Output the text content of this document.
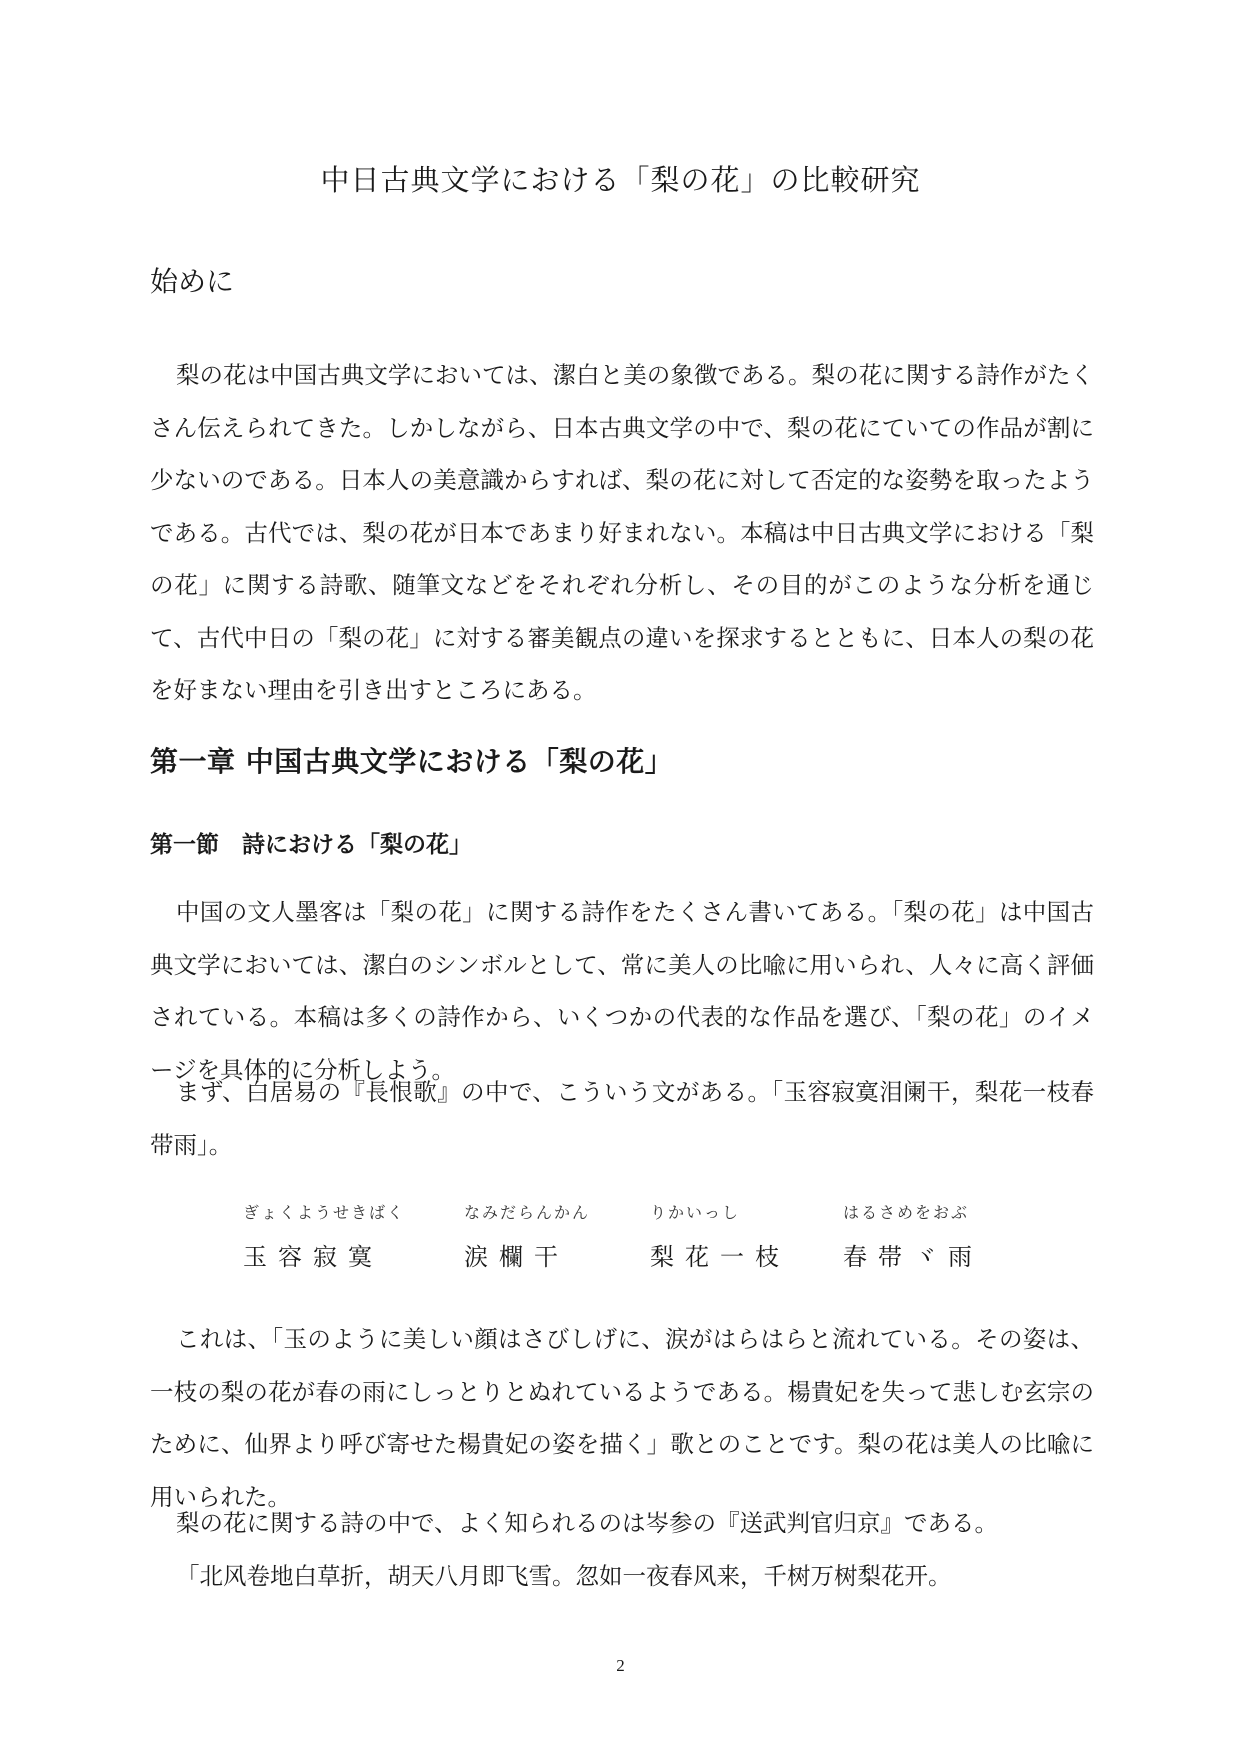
中日古典文学における「梨の花」の比較研究
始めに

梨の花は中国古典文学においては、潔白と美の象徴である。梨の花に関する詩作がたくさん伝えられてきた。しかしながら、日本古典文学の中で、梨の花にていての作品が割に少ないのである。日本人の美意識からすれば、梨の花に対して否定的な姿勢を取ったようである。古代では、梨の花が日本であまり好まれない。本稿は中日古典文学における「梨の花」に関する詩歌、随筆文などをそれぞれ分析し、その目的がこのような分析を通じて、古代中日の「梨の花」に対する審美観点の違いを探求するとともに、日本人の梨の花を好まない理由を引き出すところにある。

第一章 中国古典文学における「梨の花」
第一節　詩における「梨の花」

中国の文人墨客は「梨の花」に関する詩作をたくさん書いてある。「梨の花」は中国古典文学においては、潔白のシンボルとして、常に美人の比喩に用いられ、人々に高く評価されている。本稿は多くの詩作から、いくつかの代表的な作品を選び、「梨の花」のイメージを具体的に分析しよう。

まず、白居易の『長恨歌』の中で、こういう文がある。「玉容寂寞泪阑干，梨花一枝春带雨」。

ぎょくようせきばく
玉容寂寞
なみだらんかん
涙欄干
りかいっし
梨花一枝
はるさめをおぶ
春帯ヾ雨

これは、「玉のように美しい顔はさびしげに、涙がはらはらと流れている。その姿は、一枝の梨の花が春の雨にしっとりとぬれているようである。楊貴妃を失って悲しむ玄宗のために、仙界より呼び寄せた楊貴妃の姿を描く」歌とのことです。梨の花は美人の比喩に用いられた。

梨の花に関する詩の中で、よく知られるのは岑参の『送武判官归京』である。

「北风卷地白草折，胡天八月即飞雪。忽如一夜春风来，千树万树梨花开。

2
